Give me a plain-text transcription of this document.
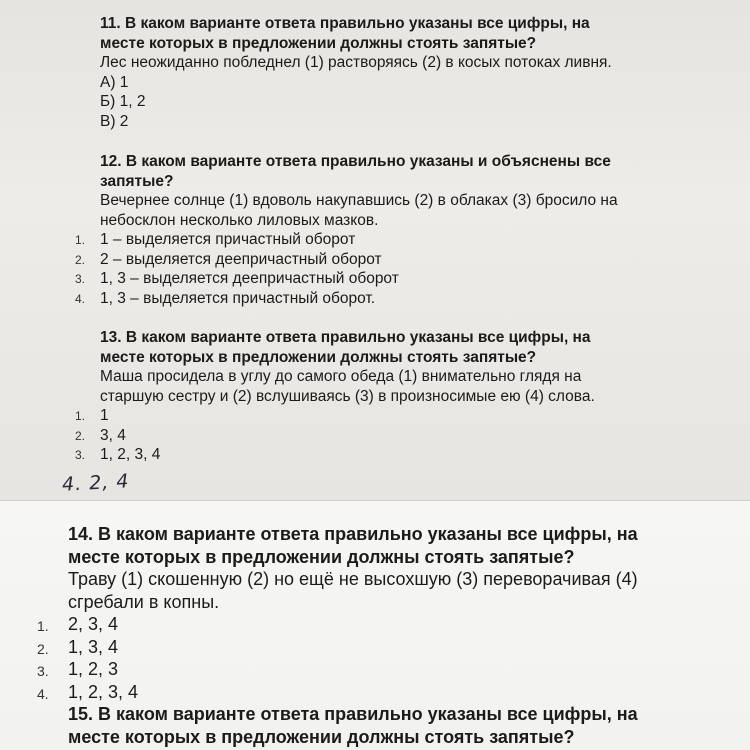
11. В каком варианте ответа правильно указаны все цифры, на
месте которых в предложении должны стоять запятые?
Лес неожиданно побледнел (1) растворяясь (2) в косых потоках ливня.
А) 1
Б) 1, 2
В) 2
12. В каком варианте ответа правильно указаны и объяснены все
запятые?
Вечернее солнце (1) вдоволь накупавшись (2) в облаках (3) бросило на
небосклон несколько лиловых мазков.
1. 1 – выделяется причастный оборот
2. 2 – выделяется деепричастный оборот
3. 1, 3 – выделяется деепричастный оборот
4. 1, 3 – выделяется причастный оборот.
13. В каком варианте ответа правильно указаны все цифры, на
месте которых в предложении должны стоять запятые?
Маша просидела в углу до самого обеда (1) внимательно глядя на
старшую сестру и (2) вслушиваясь (3) в произносимые ею (4) слова.
1. 1
2. 3, 4
3. 1, 2, 3, 4
4. 2, 4
14. В каком варианте ответа правильно указаны все цифры, на
месте которых в предложении должны стоять запятые?
Траву (1) скошенную (2) но ещё не высохшую (3) переворачивая (4)
сгребали в копны.
1. 2, 3, 4
2. 1, 3, 4
3. 1, 2, 3
4. 1, 2, 3, 4
15. В каком варианте ответа правильно указаны все цифры, на
месте которых в предложении должны стоять запятые?
